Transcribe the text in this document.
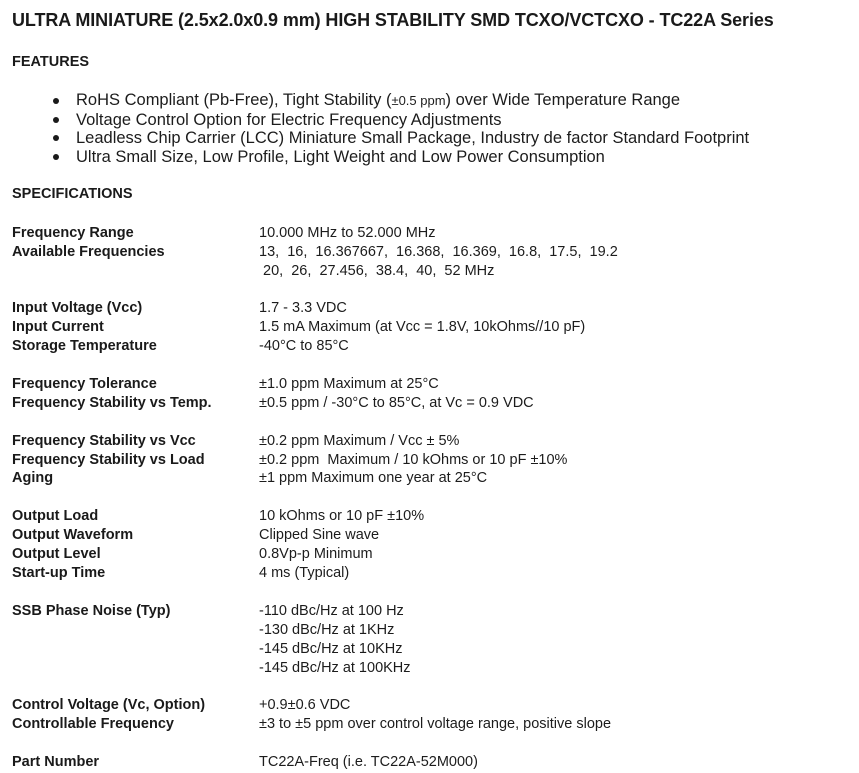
ULTRA MINIATURE (2.5x2.0x0.9 mm) HIGH STABILITY SMD TCXO/VCTCXO - TC22A Series
FEATURES
RoHS Compliant (Pb-Free), Tight Stability (±0.5 ppm) over Wide Temperature Range
Voltage Control Option for Electric Frequency Adjustments
Leadless Chip Carrier (LCC) Miniature Small Package, Industry de factor Standard Footprint
Ultra Small Size, Low Profile, Light Weight and Low Power Consumption
SPECIFICATIONS
Frequency Range	10.000 MHz to 52.000 MHz
Available Frequencies	13,  16,  16.367667,  16.368,  16.369,  16.8,  17.5,  19.2
20,  26,  27.456,  38.4,  40,  52 MHz
Input Voltage (Vcc)	1.7 - 3.3 VDC
Input Current	1.5 mA Maximum (at Vcc = 1.8V, 10kOhms//10 pF)
Storage Temperature	-40°C to 85°C
Frequency Tolerance	±1.0 ppm Maximum at 25°C
Frequency Stability vs Temp.	±0.5 ppm / -30°C to 85°C, at Vc = 0.9 VDC
Frequency Stability vs Vcc	±0.2 ppm Maximum / Vcc ± 5%
Frequency Stability vs Load	±0.2 ppm  Maximum / 10 kOhms or 10 pF ±10%
Aging	±1 ppm Maximum one year at 25°C
Output Load	10 kOhms or 10 pF ±10%
Output Waveform	Clipped Sine wave
Output Level	0.8Vp-p Minimum
Start-up Time	4 ms (Typical)
SSB Phase Noise (Typ)	-110 dBc/Hz at 100 Hz
-130 dBc/Hz at 1KHz
-145 dBc/Hz at 10KHz
-145 dBc/Hz at 100KHz
Control Voltage (Vc, Option)	+0.9±0.6 VDC
Controllable Frequency	±3 to ±5 ppm over control voltage range, positive slope
Part Number	TC22A-Freq (i.e. TC22A-52M000)
